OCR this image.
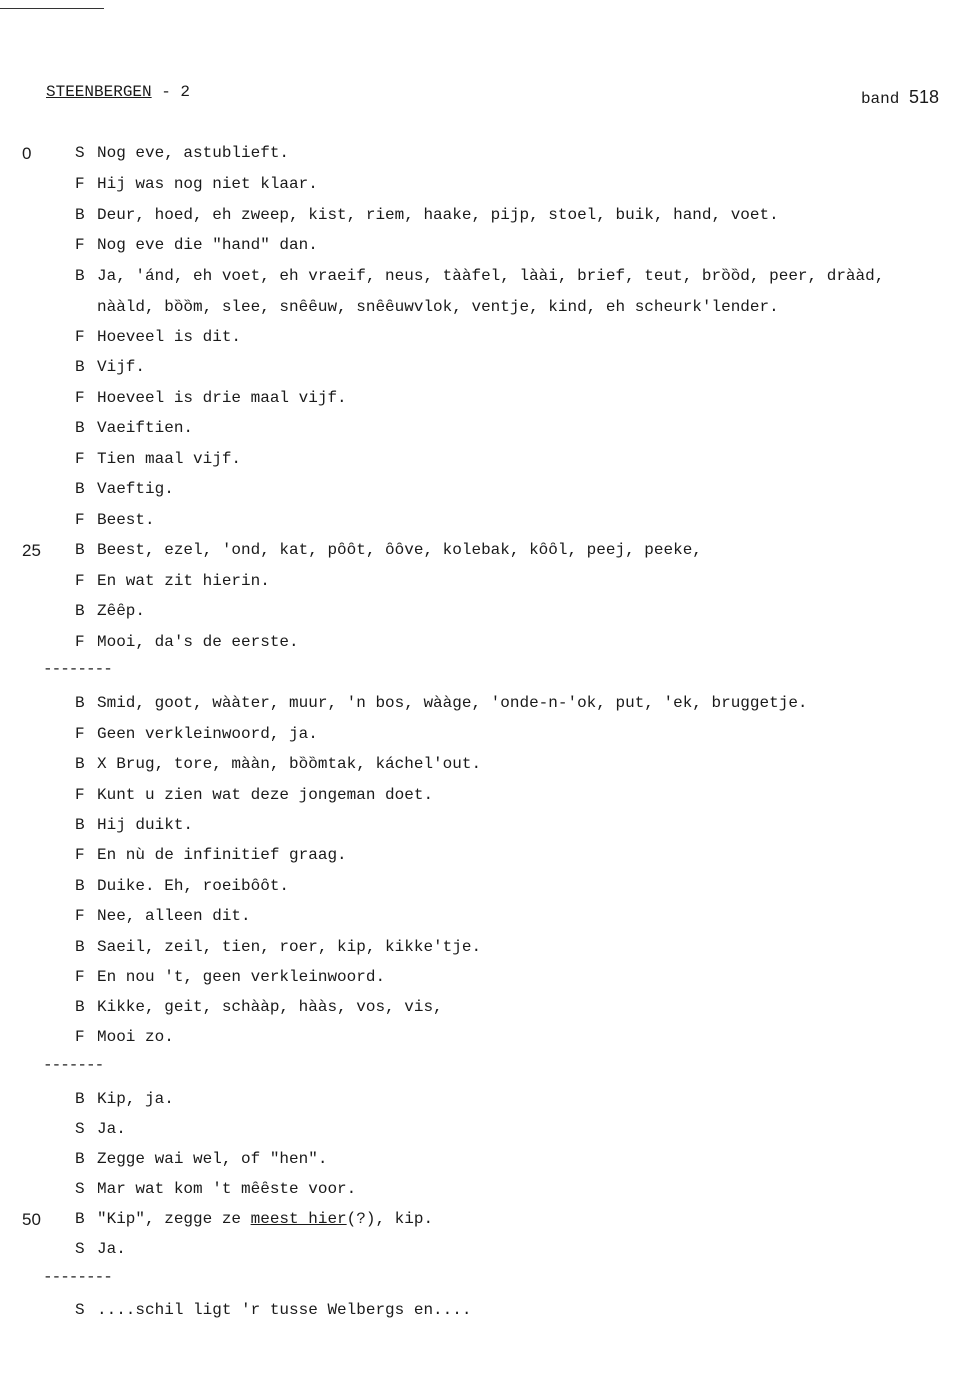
STEENBERGEN - 2	band 518
0	S Nog eve, astublieft.
F Hij was nog niet klaar.
B Deur, hoed, eh zweep, kist, riem, haake, pijp, stoel, buik, hand, voet.
F Nog eve die "hand" dan.
B Ja, 'ánd, eh voet, eh vraeif, neus, tààfel, làài, brief, teut, brȍȍd, peer, drààd,
nààld, bȍȍm, slee, snȇȇuw, snȇȇuwvlok, ventje, kind, eh scheurk'lender.
F Hoeveel is dit.
B Vijf.
F Hoeveel is drie maal vijf.
B Vaeiftien.
F Tien maal vijf.
B Vaeftig.
F Beest.
25	B Beest, ezel, 'ond, kat, pȏȏt, ȏȏve, kolebak, kȏȏl, peej, peeke,
F En wat zit hierin.
B Zȇȇp.
F Mooi, da's de eerste.
--------
B Smid, goot, wààter, muur, 'n bos, wààge, 'onde-n-'ok, put, 'ek, bruggetje.
F Geen verkleinwoord, ja.
B X Brug, tore, mààn, bȍȍmtak, káchel'out.
F Kunt u zien wat deze jongeman doet.
B Hij duikt.
F En nù de infinitief graag.
B Duike. Eh, roeibȏȏt.
F Nee, alleen dit.
B Saeil, zeil, tien, roer, kip, kikke'tje.
F En nou 't, geen verkleinwoord.
B Kikke, geit, schààp, hààs, vos, vis,
F Mooi zo.
-------
B Kip, ja.
S Ja.
B Zegge wai wel, of "hen".
S Mar wat kom 't mȇȇste voor.
50	B "Kip", zegge ze meest hier(?), kip.
S Ja.
--------
S ....schil ligt 'r tusse Welbergs en....
